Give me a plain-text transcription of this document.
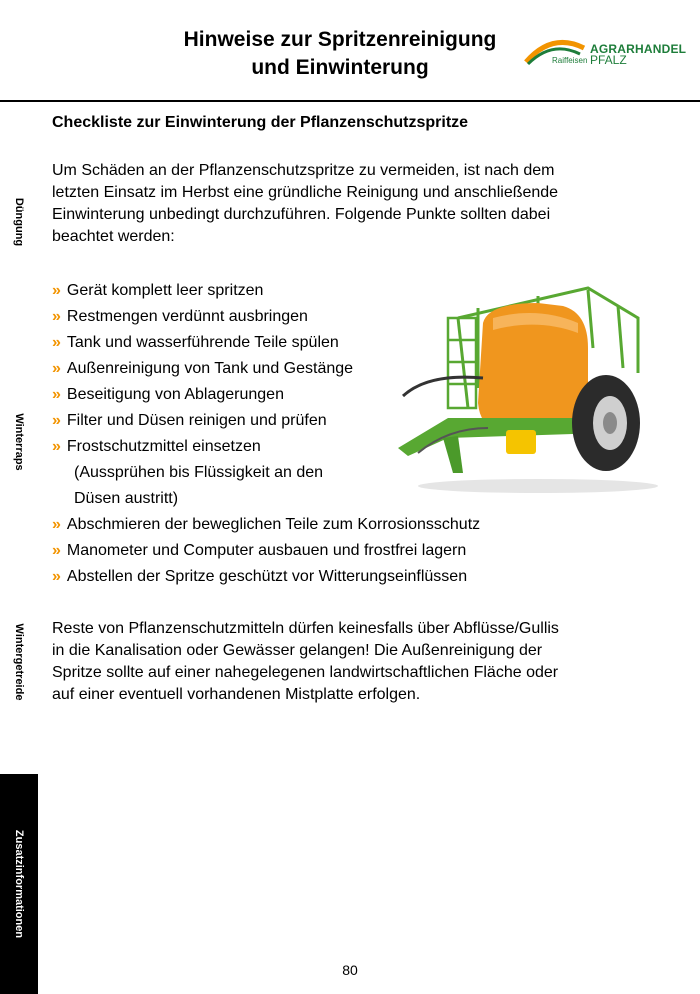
Hinweise zur Spritzenreinigung
und Einwinterung
AGRARHANDEL
Raiffeisen PFALZ
Düngung
Winterraps
Wintergetreide
Zusatzinformationen
Checkliste zur Einwinterung der Pflanzenschutzspritze
Um Schäden an der Pflanzenschutzspritze zu vermeiden, ist nach dem
letzten Einsatz im Herbst eine gründliche Reinigung und anschließende
Einwinterung unbedingt durchzuführen. Folgende Punkte sollten dabei
beachtet werden:
» Gerät komplett leer spritzen
» Restmengen verdünnt ausbringen
» Tank und wasserführende Teile spülen
» Außenreinigung von Tank und Gestänge
» Beseitigung von Ablagerungen
» Filter und Düsen reinigen und prüfen
» Frostschutzmittel einsetzen
(Aussprühen bis Flüssigkeit an den
Düsen austritt)
» Abschmieren der beweglichen Teile zum Korrosionsschutz
» Manometer und Computer ausbauen und frostfrei lagern
» Abstellen der Spritze geschützt vor Witterungseinflüssen
Reste von Pflanzenschutzmitteln dürfen keinesfalls über Abflüsse/Gullis
in die Kanalisation oder Gewässer gelangen! Die Außenreinigung der
Spritze sollte auf einer nahegelegenen landwirtschaftlichen Fläche oder
auf einer eventuell vorhandenen Mistplatte erfolgen.
80
